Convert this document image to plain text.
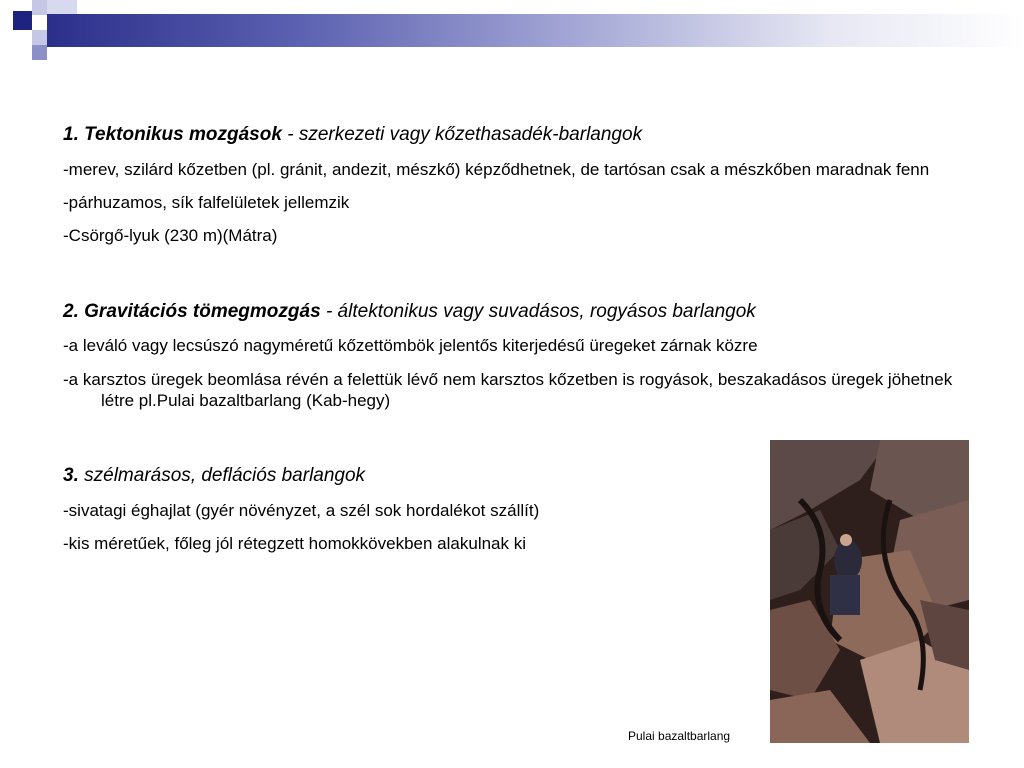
1. Tektonikus mozgások - szerkezeti vagy kőzethasadék-barlangok

-merev, szilárd kőzetben (pl. gránit, andezit, mészkő) képződhetnek, de tartósan csak a mészkőben maradnak fenn

-párhuzamos, sík falfelületek jellemzik

-Csörgő-lyuk (230 m)(Mátra)

2. Gravitációs tömegmozgás - áltektonikus vagy suvadásos, rogyásos barlangok

-a leváló vagy lecsúszó nagyméretű kőzettömbök jelentős kiterjedésű üregeket zárnak közre

-a karsztos üregek beomlása révén a felettük lévő nem karsztos kőzetben is rogyások, beszakadásos üregek jöhetnek létre pl.Pulai bazaltbarlang (Kab-hegy)

3. szélmarásos, deflációs barlangok

-sivatagi éghajlat (gyér növényzet, a szél sok hordalékot szállít)

-kis méretűek, főleg jól rétegzett homokkövekben alakulnak ki

Pulai bazaltbarlang
